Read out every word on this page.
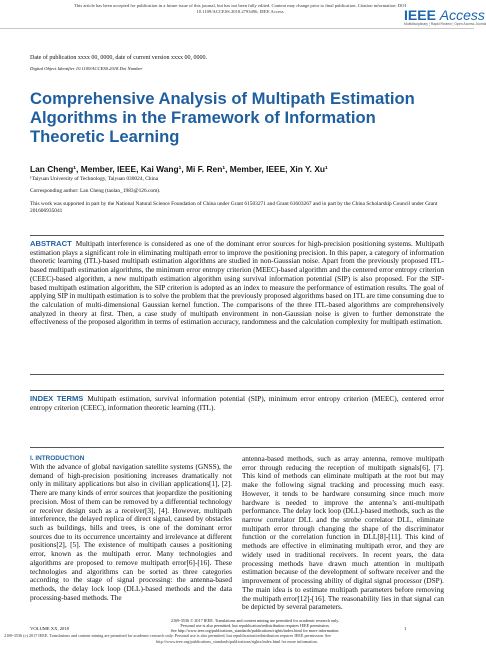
This article has been accepted for publication in a future issue of this journal, but has not been fully edited. Content may change prior to final publication. Citation information: DOI
10.1109/ACCESS.2018.2793496, IEEE Access	IEEE Access
Multidisciplinary ¦ Rapid Review ¦ Open Access Journal
Date of publication xxxx 00, 0000, date of current version xxxx 00, 0000.
Digital Object Identifier 10.1109/ACCESS.2018.Doi Number
Comprehensive Analysis of Multipath Estimation Algorithms in the Framework of Information Theoretic Learning
Lan Cheng¹, Member, IEEE, Kai Wang¹, Mi F. Ren¹, Member, IEEE, Xin Y. Xu¹
¹Taiyuan University of Technology, Taiyuan 030024, China
Corresponding author: Lan Cheng (taolan_1983@126.com).
This work was supported in part by the National Natural Science Foundation of China under Grant 61503271 and Grant 61603267 and in part by the China Scholarship Council under Grant 201606935041
ABSTRACT Multipath interference is considered as one of the dominant error sources for high-precision positioning systems. Multipath estimation plays a significant role in eliminating multipath error to improve the positioning precision. In this paper, a category of information theoretic learning (ITL)-based multipath estimation algorithms are studied in non-Gaussian noise. Apart from the previously proposed ITL-based multipath estimation algorithms, the minimum error entropy criterion (MEEC)-based algorithm and the centered error entropy criterion (CEEC)-based algorithm, a new multipath estimation algorithm using survival information potential (SIP) is also proposed. For the SIP-based multipath estimation algorithm, the SIP criterion is adopted as an index to measure the performance of estimation results. The goal of applying SIP in multipath estimation is to solve the problem that the previously proposed algorithms based on ITL are time consuming due to the calculation of multi-dimensional Gaussian kernel function. The comparisons of the three ITL-based algorithms are comprehensively analyzed in theory at first. Then, a case study of multipath environment in non-Gaussian noise is given to further demonstrate the effectiveness of the proposed algorithm in terms of estimation accuracy, randomness and the calculation complexity for multipath estimation.
INDEX TERMS Multipath estimation, survival information potential (SIP), minimum error entropy criterion (MEEC), centered error entropy criterion (CEEC), information theoretic learning (ITL).
I. INTRODUCTION
With the advance of global navigation satellite systems (GNSS), the demand of high-precision positioning increases dramatically not only in military applications but also in civilian applications[1], [2]. There are many kinds of error sources that jeopardize the positioning precision. Most of them can be removed by a differential technology or receiver design such as a receiver[3], [4]. However, multipath interference, the delayed replica of direct signal, caused by obstacles such as buildings, hills and trees, is one of the dominant error sources due to its occurrence uncertainty and irrelevance at different positions[2], [5]. The existence of multipath causes a positioning error, known as the multipath error. Many technologies and algorithms are proposed to remove multipath error[6]-[16]. These technologies and algorithms can be sorted as three categories according to the stage of signal processing: the antenna-based methods, the delay lock loop (DLL)-based methods and the data processing-based methods. The
antenna-based methods, such as array antenna, remove multipath error through reducing the reception of multipath signals[6], [7]. This kind of methods can eliminate multipath at the root but may make the following signal tracking and processing much easy. However, it tends to be hardware consuming since much more hardware is needed to improve the antenna’s anti-multipath performance. The delay lock loop (DLL)-based methods, such as the narrow correlator DLL and the strobe correlator DLL, eliminate multipath error through changing the shape of the discriminator function or the correlation function in DLL[8]-[11]. This kind of methods are effective in eliminating multipath error, and they are widely used in traditional receivers. In recent years, the data processing methods have drawn much attention in multipath estimation because of the development of software receiver and the improvement of processing ability of digital signal processor (DSP). The main idea is to estimate multipath parameters before removing the multipath error[12]-[16]. The reasonability lies in that signal can be depicted by several parameters.
VOLUME XX, 2018
2169-3536 © 2017 IEEE. Translations and content mining are permitted for academic research only.
Personal use is also permitted, but republication/redistribution requires IEEE permission.
See http://www.ieee.org/publications_standards/publications/rights/index.html for more information.	1
2169-3536 (c) 2017 IEEE. Translations and content mining are permitted for academic research only. Personal use is also permitted, but republication/redistribution requires IEEE permission. See
http://www.ieee.org/publications_standards/publications/rights/index.html for more information.
